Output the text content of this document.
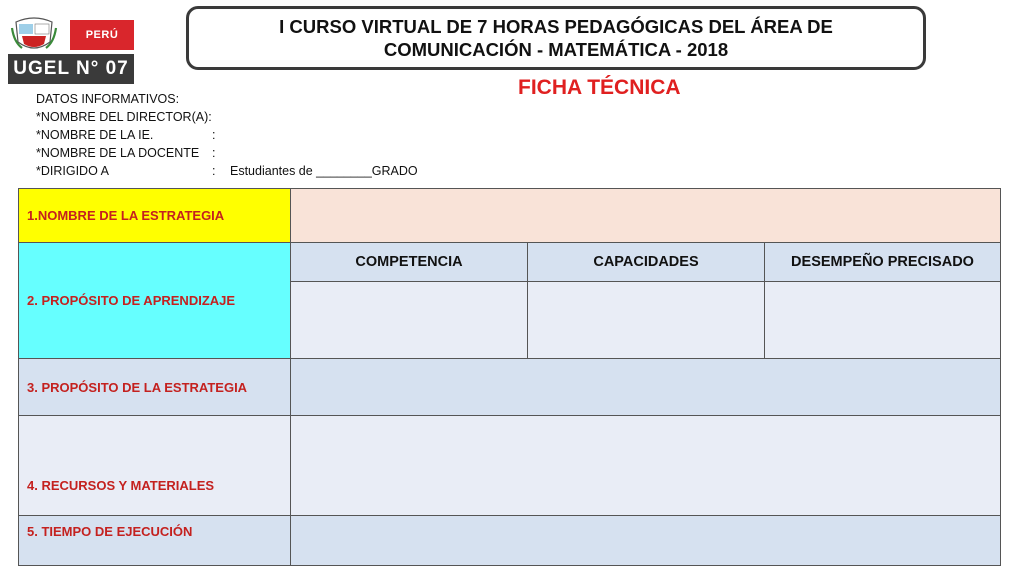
PERÚ
UGEL N° 07
I CURSO VIRTUAL DE 7 HORAS PEDAGÓGICAS DEL ÁREA DE
COMUNICACIÓN - MATEMÁTICA - 2018
FICHA TÉCNICA
DATOS INFORMATIVOS:
*NOMBRE DEL DIRECTOR(A):
*NOMBRE DE LA IE.	:
*NOMBRE DE LA DOCENTE	:
*DIRIGIDO A	:	Estudiantes de ________GRADO
1.NOMBRE DE LA ESTRATEGIA			
2. PROPÓSITO DE APRENDIZAJE	COMPETENCIA	CAPACIDADES	DESEMPEÑO PRECISADO

3. PROPÓSITO DE LA ESTRATEGIA			
4. RECURSOS Y MATERIALES			
5. TIEMPO DE EJECUCIÓN			
